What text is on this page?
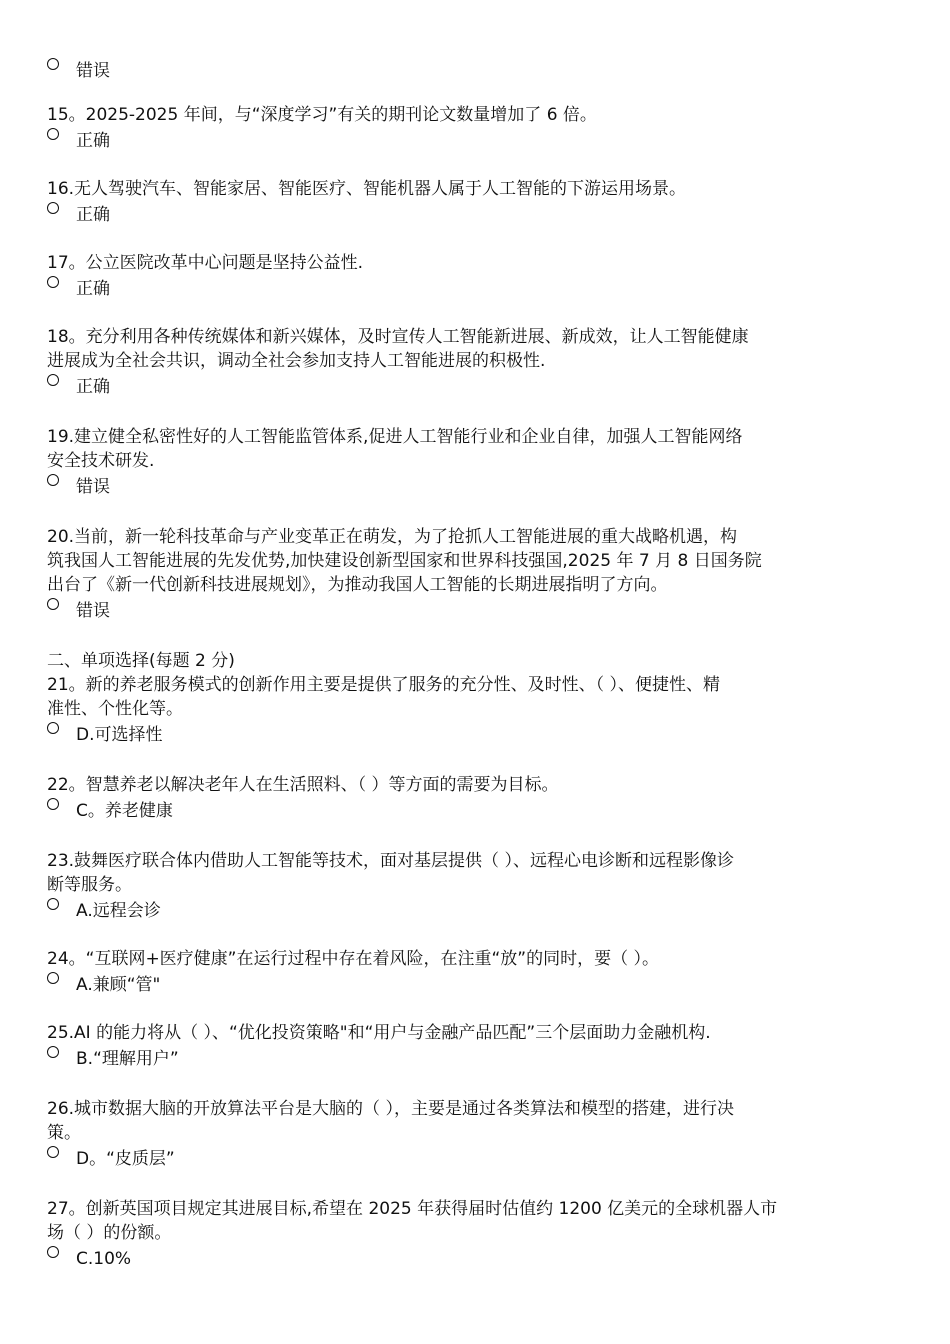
错误
15。2025-2025 年间，与“深度学习”有关的期刊论文数量增加了 6 倍。
正确
16.无人驾驶汽车、智能家居、智能医疗、智能机器人属于人工智能的下游运用场景。
正确
17。公立医院改革中心问题是坚持公益性.
正确
18。充分利用各种传统媒体和新兴媒体，及时宣传人工智能新进展、新成效，让人工智能健康
进展成为全社会共识，调动全社会参加支持人工智能进展的积极性.
正确
19.建立健全私密性好的人工智能监管体系,促进人工智能行业和企业自律，加强人工智能网络
安全技术研发.
错误
20.当前，新一轮科技革命与产业变革正在萌发，为了抢抓人工智能进展的重大战略机遇，构
筑我国人工智能进展的先发优势,加快建设创新型国家和世界科技强国,2025 年 7 月 8 日国务院
出台了《新一代创新科技进展规划》，为推动我国人工智能的长期进展指明了方向。
错误
二、单项选择(每题 2 分)
21。新的养老服务模式的创新作用主要是提供了服务的充分性、及时性、（ ）、便捷性、精
准性、个性化等。
D.可选择性
22。智慧养老以解决老年人在生活照料、（ ）等方面的需要为目标。
C。养老健康
23.鼓舞医疗联合体内借助人工智能等技术，面对基层提供（ ）、远程心电诊断和远程影像诊
断等服务。
A.远程会诊
24。“互联网+医疗健康”在运行过程中存在着风险，在注重“放”的同时，要（ ）。
A.兼顾“管"
25.AI 的能力将从（ ）、“优化投资策略"和“用户与金融产品匹配”三个层面助力金融机构.
B.“理解用户”
26.城市数据大脑的开放算法平台是大脑的（ ），主要是通过各类算法和模型的搭建，进行决
策。
D。“皮质层”
27。创新英国项目规定其进展目标,希望在 2025 年获得届时估值约 1200 亿美元的全球机器人市
场（ ）的份额。
C.10%
